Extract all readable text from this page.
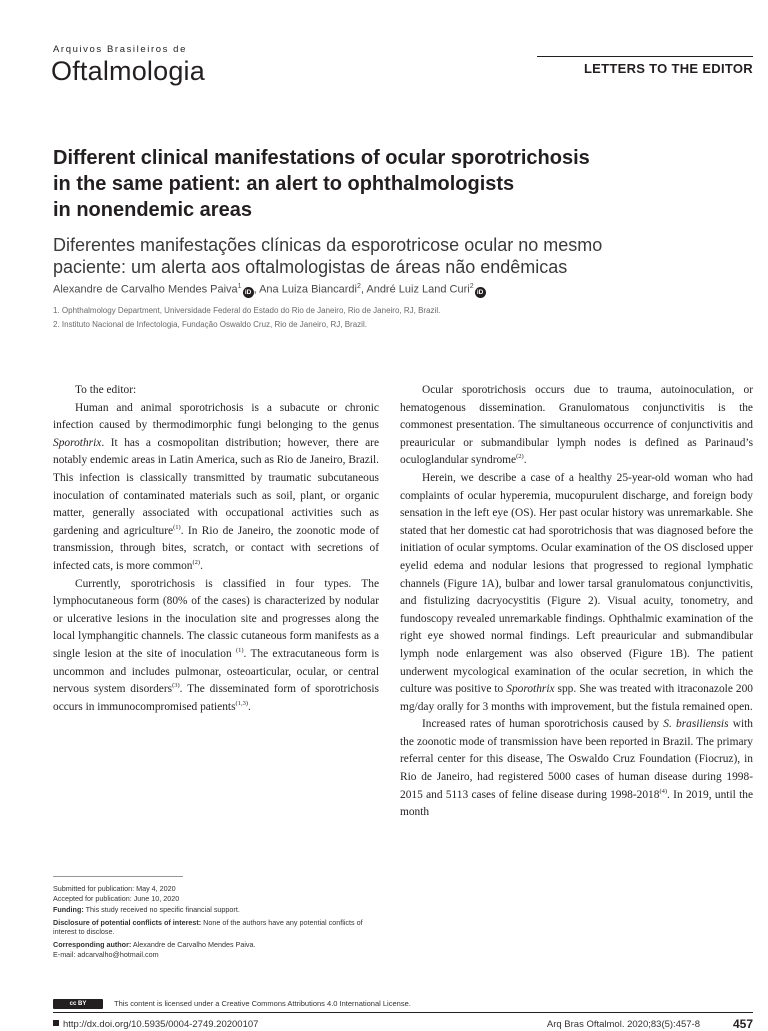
Arquivos Brasileiros de
Oftalmologia	LETTERS TO THE EDITOR
Different clinical manifestations of ocular sporotrichosis
in the same patient: an alert to ophthalmologists
in nonendemic areas
Diferentes manifestações clínicas da esporotricose ocular no mesmo
paciente: um alerta aos oftalmologistas de áreas não endêmicas
Alexandre de Carvalho Mendes Paiva$^1$iD , Ana Luiza Biancardi$^2$, André Luiz Land Curi$^2$iD
1. Ophthalmology Department, Universidade Federal do Estado do Rio de Janeiro, Rio de Janeiro, RJ, Brazil.
2. Instituto Nacional de Infectologia, Fundação Oswaldo Cruz, Rio de Janeiro, RJ, Brazil.

To the editor:

Human and animal sporotrichosis is a subacute or chronic infection caused by thermodimorphic fungi belonging to the genus Sporothrix. It has a cosmopolitan distribution; however, there are notably endemic areas in Latin America, such as Rio de Janeiro, Brazil. This infection is classically transmitted by traumatic subcutaneous inoculation of contaminated materials such as soil, plant, or organic matter, generally associated with occupational activities such as gardening and agriculture$^{(1)}$. In Rio de Janeiro, the zoonotic mode of transmission, through bites, scratch, or contact with secretions of infected cats, is more common$^{(2)}$.

Currently, sporotrichosis is classified in four types. The lymphocutaneous form (80% of the cases) is characterized by nodular or ulcerative lesions in the inoculation site and progresses along the local lymphangitic channels. The classic cutaneous form manifests as a single lesion at the site of inoculation $^{(1)}$. The extracutaneous form is uncommon and includes pulmonar, osteoarticular, ocular, or central nervous system disorders$^{(3)}$. The disseminated form of sporotrichosis occurs in immunocompromised patients$^{(1,3)}$.

Ocular sporotrichosis occurs due to trauma, autoinoculation, or hematogenous dissemination. Granulomatous conjunctivitis is the commonest presentation. The simultaneous occurrence of conjunctivitis and preauricular or submandibular lymph nodes is defined as Parinaud’s oculoglandular syndrome$^{(2)}$.

Herein, we describe a case of a healthy 25-year-old woman who had complaints of ocular hyperemia, mucopurulent discharge, and foreign body sensation in the left eye (OS). Her past ocular history was unremarkable. She stated that her domestic cat had sporotrichosis that was diagnosed before the initiation of ocular symptoms. Ocular examination of the OS disclosed upper eyelid edema and nodular lesions that progressed to regional lymphatic channels (Figure 1A), bulbar and lower tarsal granulomatous conjunctivitis, and fistulizing dacryocystitis (Figure 2). Visual acuity, tonometry, and fundoscopy revealed unremarkable findings. Ophthalmic examination of the right eye showed normal findings. Left preauricular and submandibular lymph node enlargement was also observed (Figure 1B). The patient underwent mycological examination of the ocular secretion, in which the culture was positive to Sporothrix spp. She was treated with itraconazole 200 mg/day orally for 3 months with improvement, but the fistula remained open.

Increased rates of human sporotrichosis caused by S. brasiliensis with the zoonotic mode of transmission have been reported in Brazil. The primary referral center for this disease, The Oswaldo Cruz Foundation (Fiocruz), in Rio de Janeiro, had registered 5000 cases of human disease during 1998-2015 and 5113 cases of feline disease during 1998-2018$^{(4)}$. In 2019, until the month

Submitted for publication: May 4, 2020
Accepted for publication: June 10, 2020
Funding: This study received no specific financial support.
Disclosure of potential conflicts of interest: None of the authors have any potential conflicts of interest to disclose.
Corresponding author: Alexandre de Carvalho Mendes Paiva.
E-mail: adcarvalho@hotmail.com
cc BY	This content is licensed under a Creative Commons Attributions 4.0 International License.
http://dx.doi.org/10.5935/0004-2749.20200107	Arq Bras Oftalmol. 2020;83(5):457-8	457
